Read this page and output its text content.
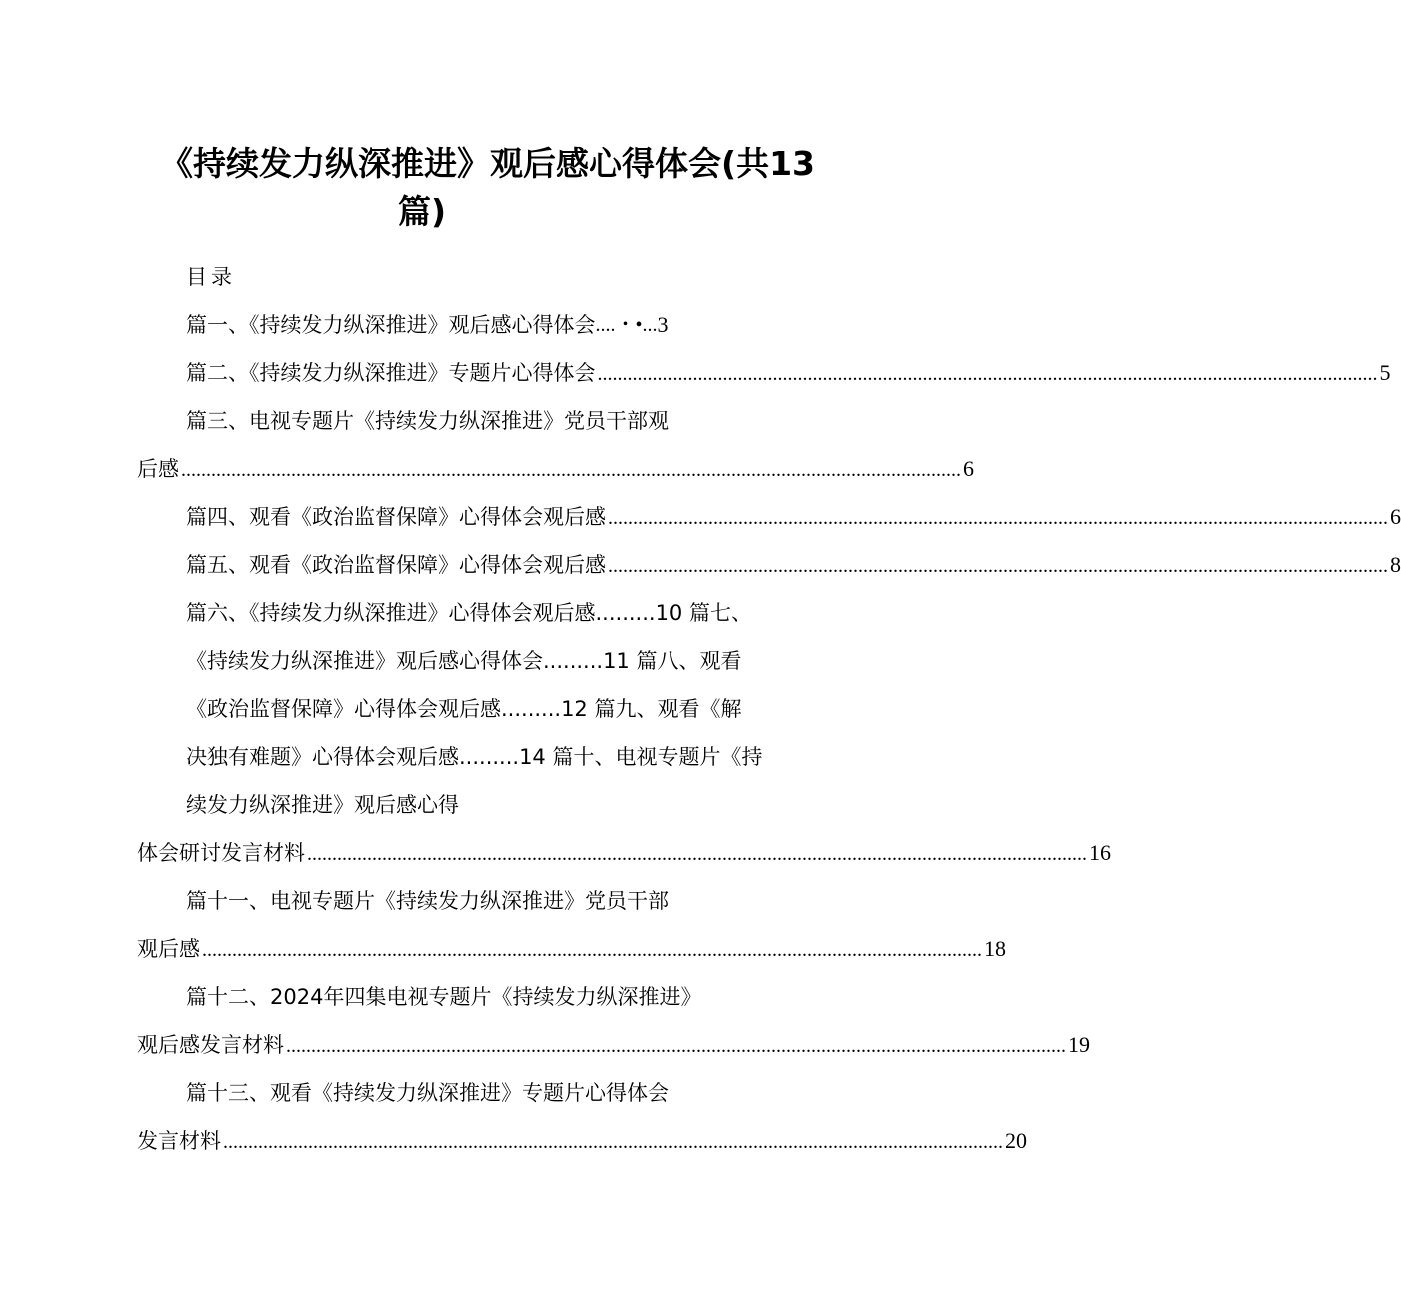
《持续发力纵深推进》观后感心得体会(共13
篇)
目录
篇一、《持续发力纵深推进》观后感心得体会....・•...3
篇二、《持续发力纵深推进》专题片心得体会 ............................................................................................................................................................ 5
篇三、电视专题片《持续发力纵深推进》党员干部观
后感 ............................................................................................................................................................ 6
篇四、观看《政治监督保障》心得体会观后感 ............................................................................................................................................................ 6
篇五、观看《政治监督保障》心得体会观后感 ............................................................................................................................................................ 8
篇六、《持续发力纵深推进》心得体会观后感.........10 篇七、
《持续发力纵深推进》观后感心得体会.........11 篇八、观看
《政治监督保障》心得体会观后感.........12 篇九、观看《解
决独有难题》心得体会观后感.........14 篇十、电视专题片《持
续发力纵深推进》观后感心得
体会研讨发言材料 ............................................................................................................................................................ 16
篇十一、电视专题片《持续发力纵深推进》党员干部
观后感 ............................................................................................................................................................ 18
篇十二、2024年四集电视专题片《持续发力纵深推进》
观后感发言材料 ............................................................................................................................................................ 19
篇十三、观看《持续发力纵深推进》专题片心得体会
发言材料 ............................................................................................................................................................ 20
